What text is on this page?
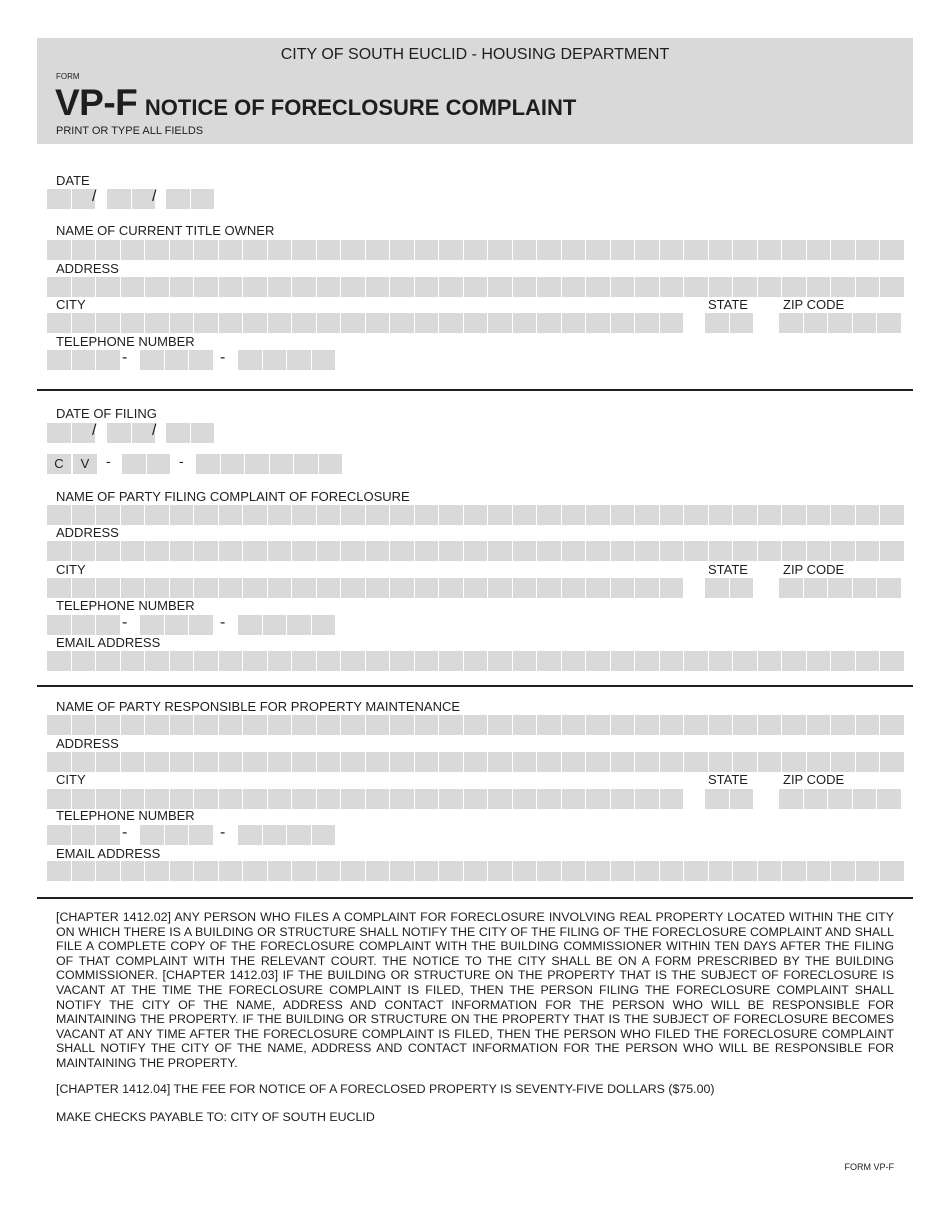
CITY OF SOUTH EUCLID - HOUSING DEPARTMENT
FORM
VP-F NOTICE OF FORECLOSURE COMPLAINT
PRINT OR TYPE ALL FIELDS
DATE
/	/
NAME OF CURRENT TITLE OWNER
ADDRESS
CITY	STATE	ZIP CODE
TELEPHONE NUMBER
-	-
DATE OF FILING
/	/
C	V	-	-
NAME OF PARTY FILING COMPLAINT OF FORECLOSURE
ADDRESS
CITY	STATE	ZIP CODE
TELEPHONE NUMBER
-	-
EMAIL ADDRESS
NAME OF PARTY RESPONSIBLE FOR PROPERTY MAINTENANCE
ADDRESS
CITY	STATE	ZIP CODE
TELEPHONE NUMBER
-	-
EMAIL ADDRESS
[CHAPTER 1412.02] ANY PERSON WHO FILES A COMPLAINT FOR FORECLOSURE INVOLVING REAL PROPERTY LOCATED WITHIN THE CITY ON WHICH THERE IS A BUILDING OR STRUCTURE SHALL NOTIFY THE CITY OF THE FILING OF THE FORECLOSURE COMPLAINT AND SHALL FILE A COMPLETE COPY OF THE FORECLOSURE COMPLAINT WITH THE BUILDING COMMISSIONER WITHIN TEN DAYS AFTER THE FILING OF THAT COMPLAINT WITH THE RELEVANT COURT. THE NOTICE TO THE CITY SHALL BE ON A FORM PRESCRIBED BY THE BUILDING COMMISSIONER. [CHAPTER 1412.03] IF THE BUILDING OR STRUCTURE ON THE PROPERTY THAT IS THE SUBJECT OF FORECLOSURE IS VACANT AT THE TIME THE FORECLOSURE COMPLAINT IS FILED, THEN THE PERSON FILING THE FORECLOSURE COMPLAINT SHALL NOTIFY THE CITY OF THE NAME, ADDRESS AND CONTACT INFORMATION FOR THE PERSON WHO WILL BE RESPONSIBLE FOR MAINTAINING THE PROPERTY. IF THE BUILDING OR STRUCTURE ON THE PROPERTY THAT IS THE SUBJECT OF FORECLOSURE BECOMES VACANT AT ANY TIME AFTER THE FORECLOSURE COMPLAINT IS FILED, THEN THE PERSON WHO FILED THE FORECLOSURE COMPLAINT SHALL NOTIFY THE CITY OF THE NAME, ADDRESS AND CONTACT INFORMATION FOR THE PERSON WHO WILL BE RESPONSIBLE FOR MAINTAINING THE PROPERTY.
[CHAPTER 1412.04] THE FEE FOR NOTICE OF A FORECLOSED PROPERTY IS SEVENTY-FIVE DOLLARS ($75.00)
MAKE CHECKS PAYABLE TO: CITY OF SOUTH EUCLID
FORM VP-F
